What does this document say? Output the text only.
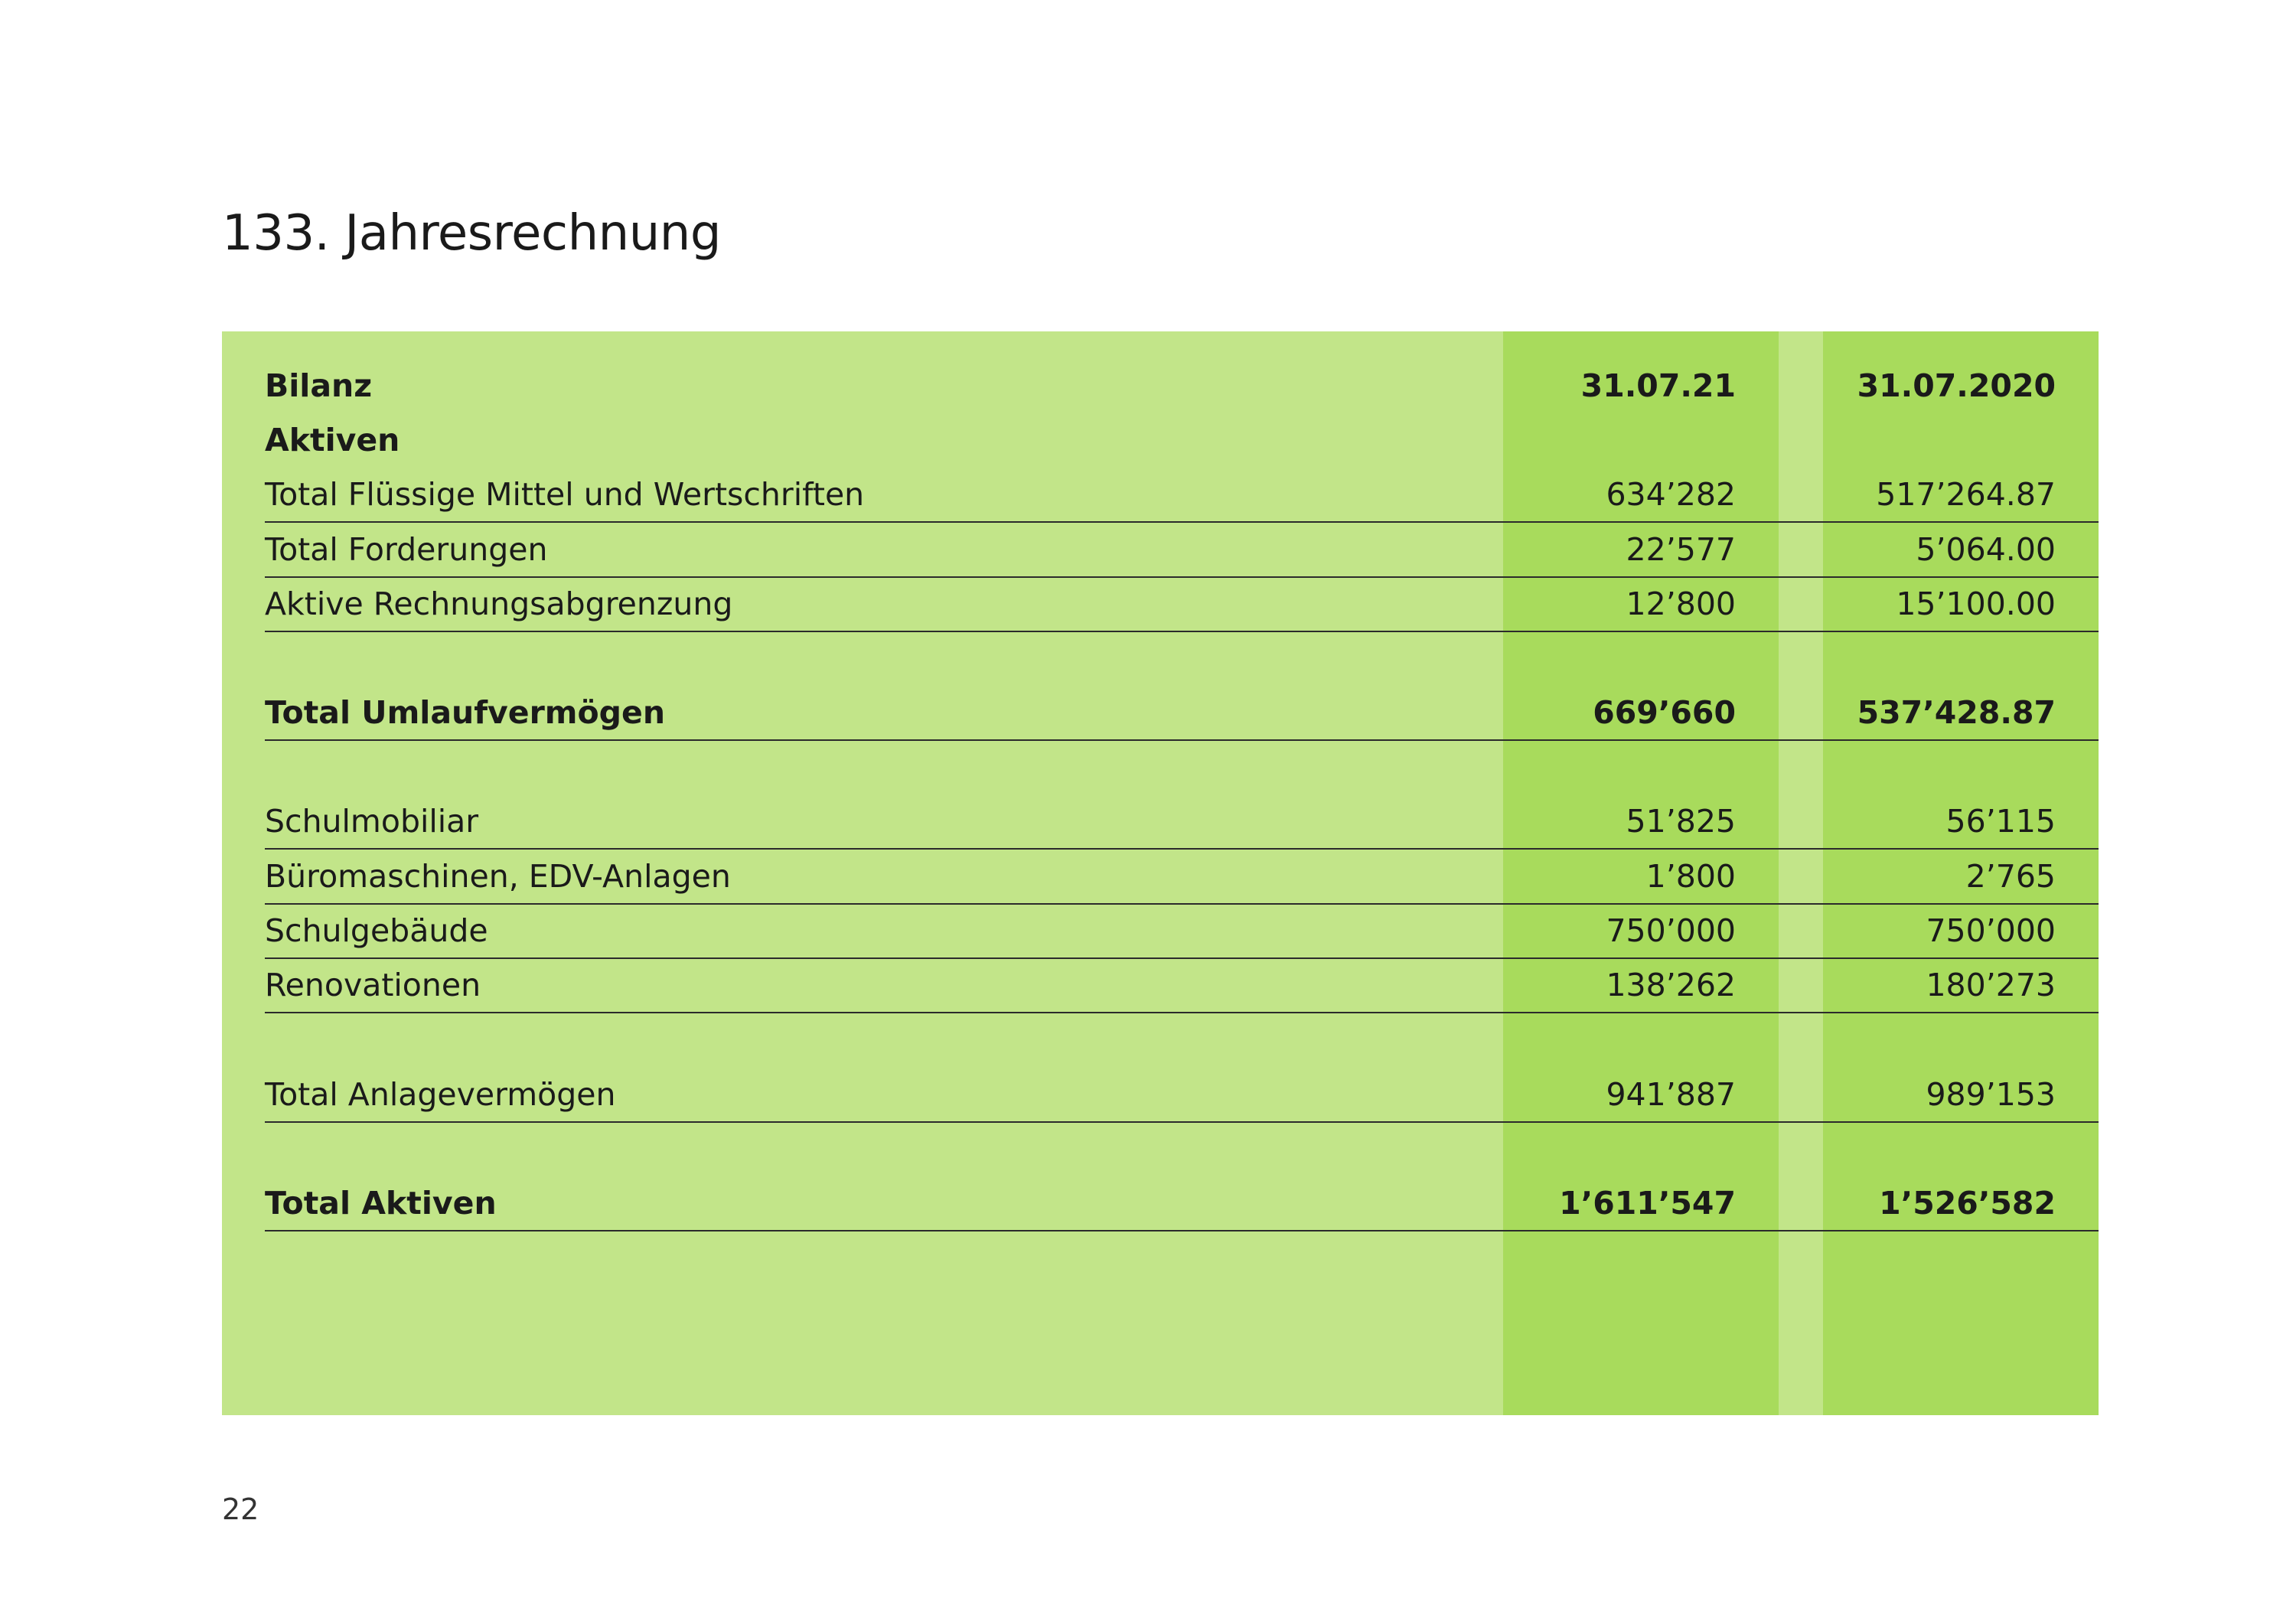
133. Jahresrechnung
Bilanz	31.07.21	31.07.2020
Aktiven
Total Flüssige Mittel und Wertschriften	634’282	517’264.87
Total Forderungen	22’577	5’064.00
Aktive Rechnungsabgrenzung	12’800	15’100.00
Total Umlaufvermögen	669’660	537’428.87
Schulmobiliar	51’825	56’115
Büromaschinen, EDV-Anlagen	1’800	2’765
Schulgebäude	750’000	750’000
Renovationen	138’262	180’273
Total Anlagevermögen	941’887	989’153
Total Aktiven	1’611’547	1’526’582
22
